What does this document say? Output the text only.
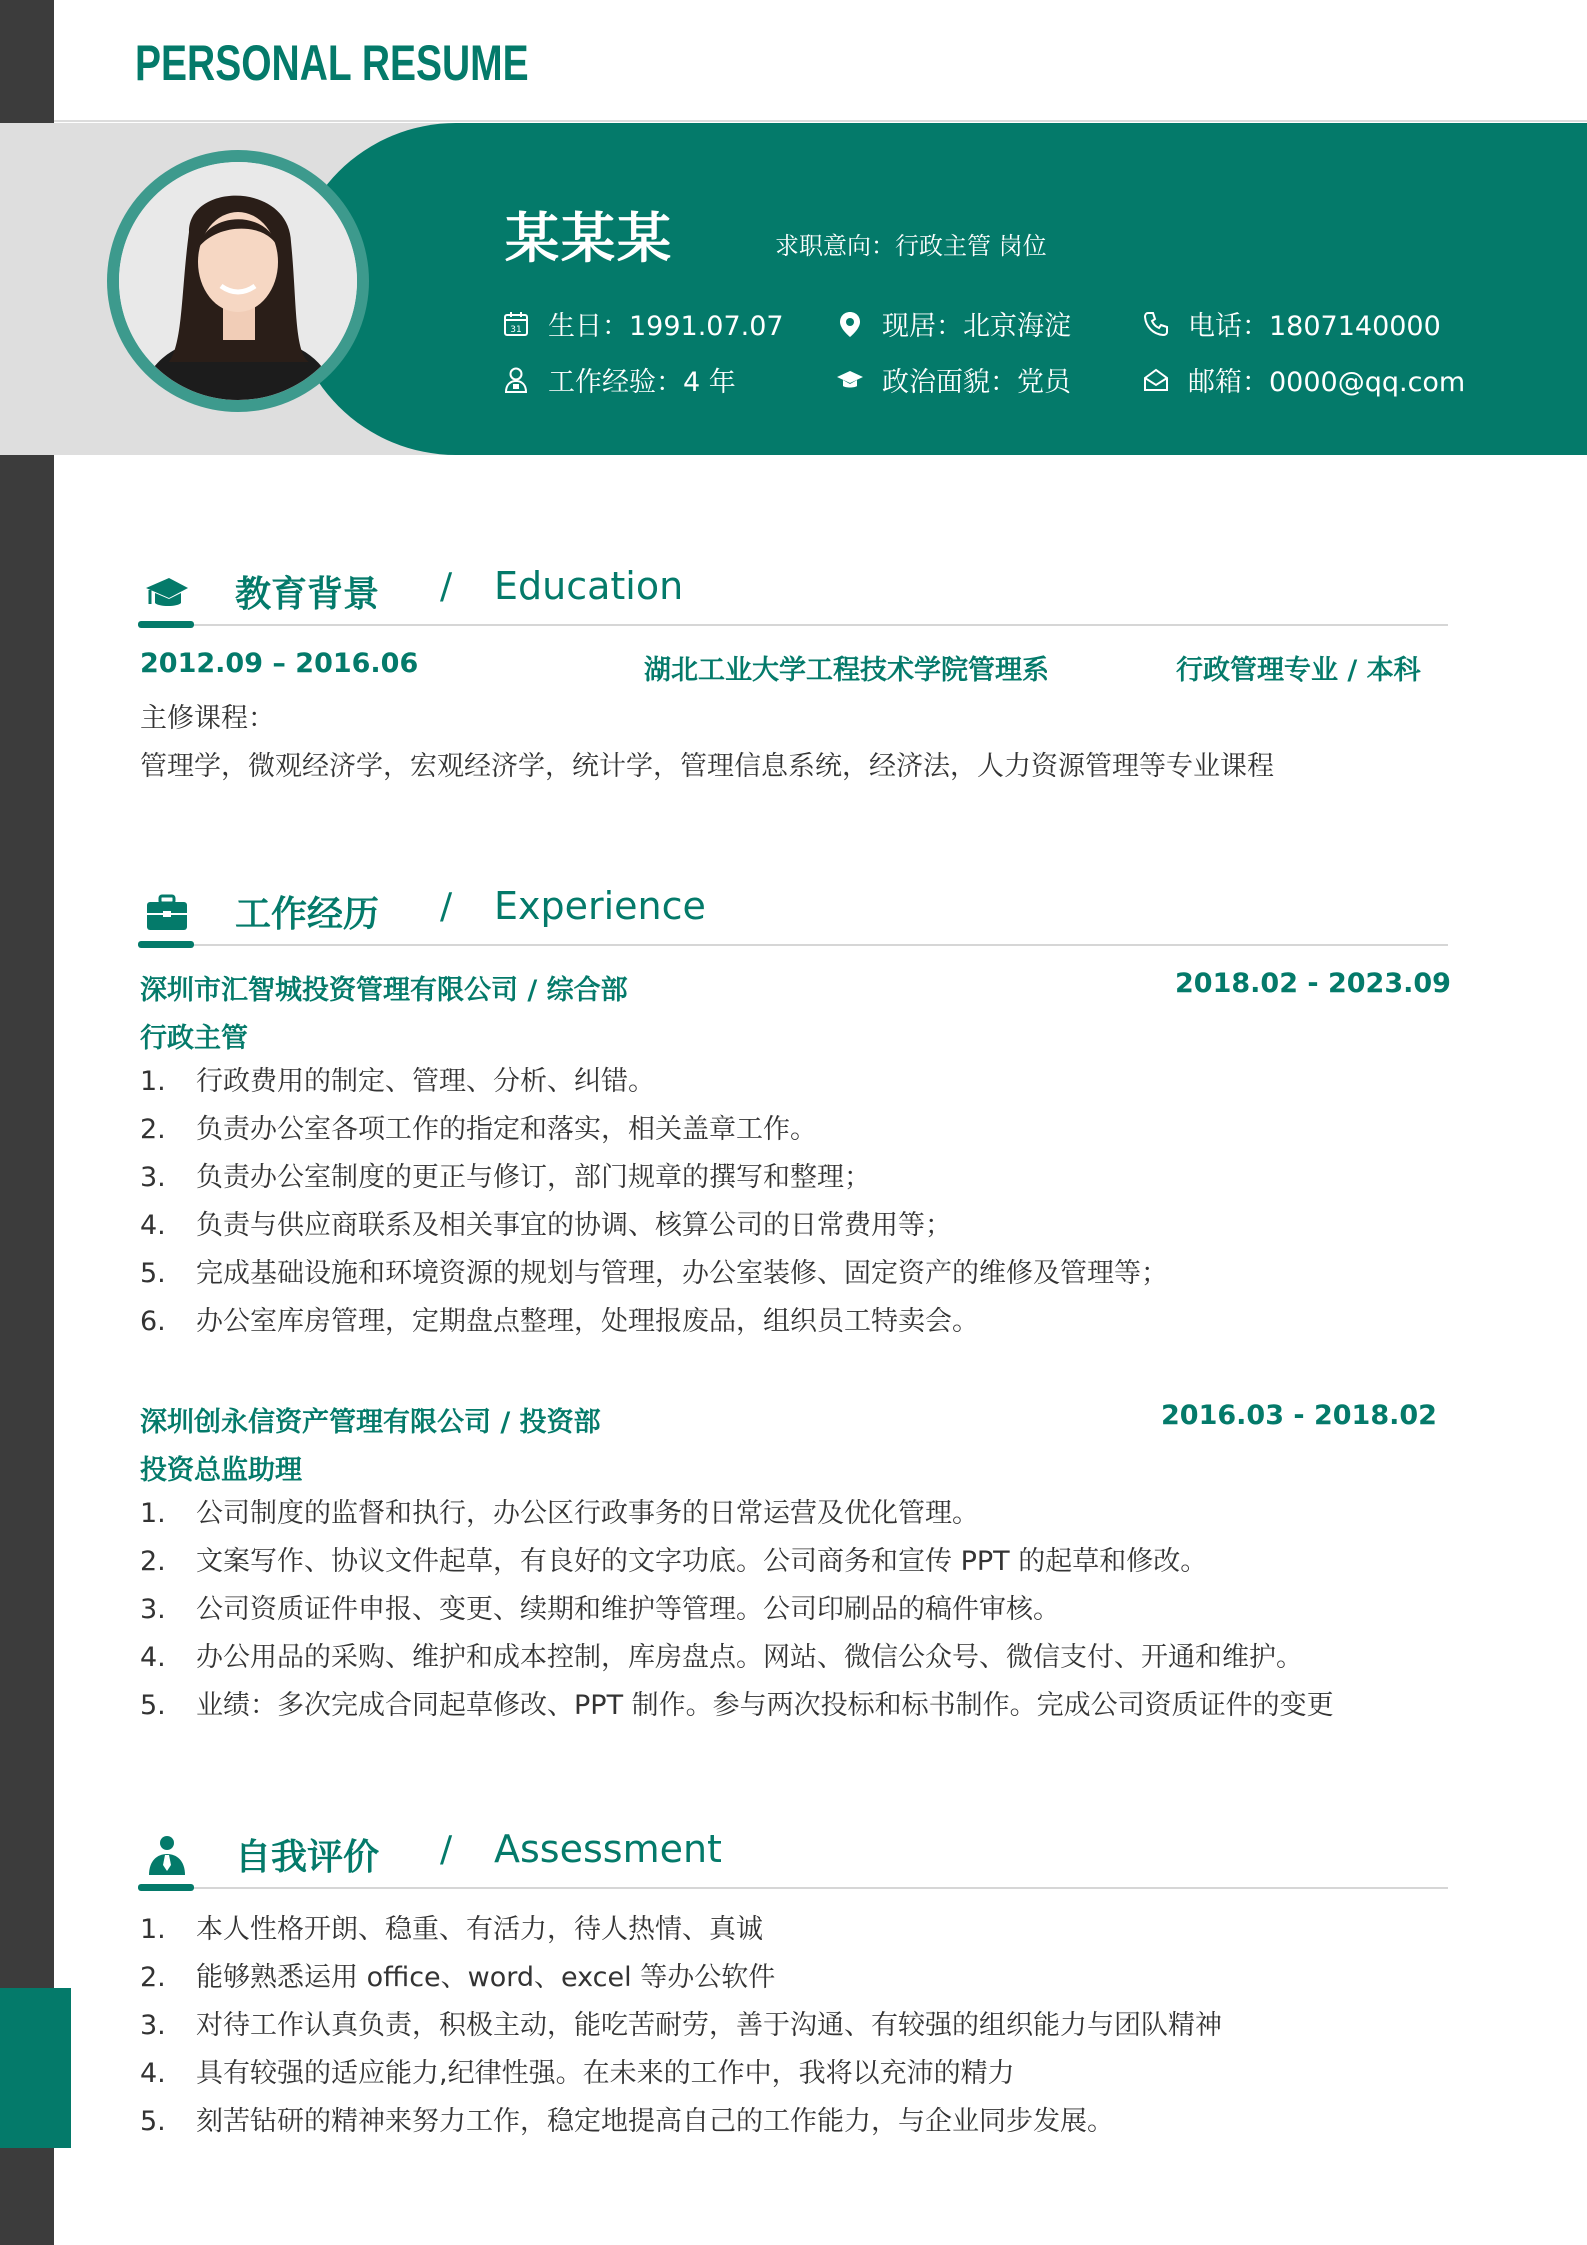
PERSONAL RESUME
某某某	求职意向：行政主管 岗位
31 生日：1991.07.07	现居：北京海淀	电话：1807140000
工作经验：4 年	政治面貌：党员	邮箱：0000@qq.com
教育背景 / Education
2012.09 – 2016.06	湖北工业大学工程技术学院管理系	行政管理专业 / 本科
主修课程：
管理学，微观经济学，宏观经济学，统计学，管理信息系统，经济法，人力资源管理等专业课程
工作经历 / Experience
深圳市汇智城投资管理有限公司 / 综合部	2018.02 - 2023.09
行政主管
1. 行政费用的制定、管理、分析、纠错。
2. 负责办公室各项工作的指定和落实，相关盖章工作。
3. 负责办公室制度的更正与修订，部门规章的撰写和整理；
4. 负责与供应商联系及相关事宜的协调、核算公司的日常费用等；
5. 完成基础设施和环境资源的规划与管理，办公室装修、固定资产的维修及管理等；
6. 办公室库房管理，定期盘点整理，处理报废品，组织员工特卖会。
深圳创永信资产管理有限公司 / 投资部	2016.03 - 2018.02
投资总监助理
1. 公司制度的监督和执行，办公区行政事务的日常运营及优化管理。
2. 文案写作、协议文件起草，有良好的文字功底。公司商务和宣传 PPT 的起草和修改。
3. 公司资质证件申报、变更、续期和维护等管理。公司印刷品的稿件审核。
4. 办公用品的采购、维护和成本控制，库房盘点。网站、微信公众号、微信支付、开通和维护。
5. 业绩：多次完成合同起草修改、PPT 制作。参与两次投标和标书制作。完成公司资质证件的变更
自我评价 / Assessment
1. 本人性格开朗、稳重、有活力，待人热情、真诚
2. 能够熟悉运用 office、word、excel 等办公软件
3. 对待工作认真负责，积极主动，能吃苦耐劳，善于沟通、有较强的组织能力与团队精神
4. 具有较强的适应能力,纪律性强。在未来的工作中，我将以充沛的精力
5. 刻苦钻研的精神来努力工作，稳定地提高自己的工作能力，与企业同步发展。
